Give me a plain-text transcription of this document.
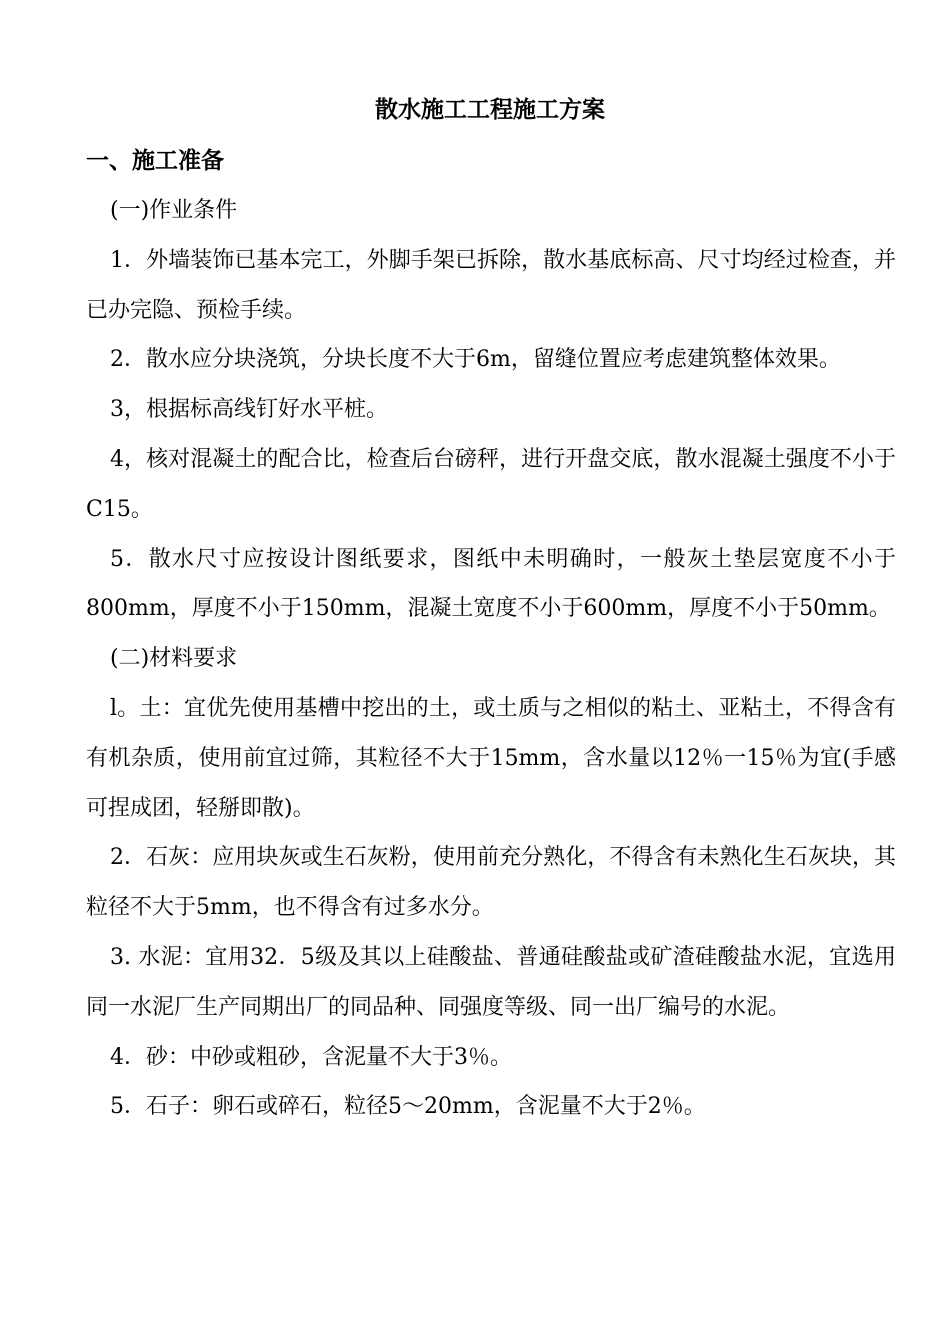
散水施工工程施工方案
一、施工准备

(一)作业条件

1．外墙装饰已基本完工，外脚手架已拆除，散水基底标高、尺寸均经过检查，并已办完隐、预检手续。

2．散水应分块浇筑，分块长度不大于6m，留缝位置应考虑建筑整体效果。

3，根据标高线钉好水平桩。

4，核对混凝土的配合比，检查后台磅秤，进行开盘交底，散水混凝土强度不小于C15。

5．散水尺寸应按设计图纸要求，图纸中未明确时，一般灰土垫层宽度不小于800mm，厚度不小于150mm，混凝土宽度不小于600mm，厚度不小于50mm。

(二)材料要求

l。土：宜优先使用基槽中挖出的土，或土质与之相似的粘土、亚粘土，不得含有有机杂质，使用前宜过筛，其粒径不大于15mm，含水量以12％一15％为宜(手感可捏成团，轻掰即散)。

2．石灰：应用块灰或生石灰粉，使用前充分熟化，不得含有未熟化生石灰块，其粒径不大于5mm，也不得含有过多水分。

3. 水泥：宜用32．5级及其以上硅酸盐、普通硅酸盐或矿渣硅酸盐水泥，宜选用同一水泥厂生产同期出厂的同品种、同强度等级、同一出厂编号的水泥。

4．砂：中砂或粗砂，含泥量不大于3％。

5．石子：卵石或碎石，粒径5～20mm，含泥量不大于2％。
